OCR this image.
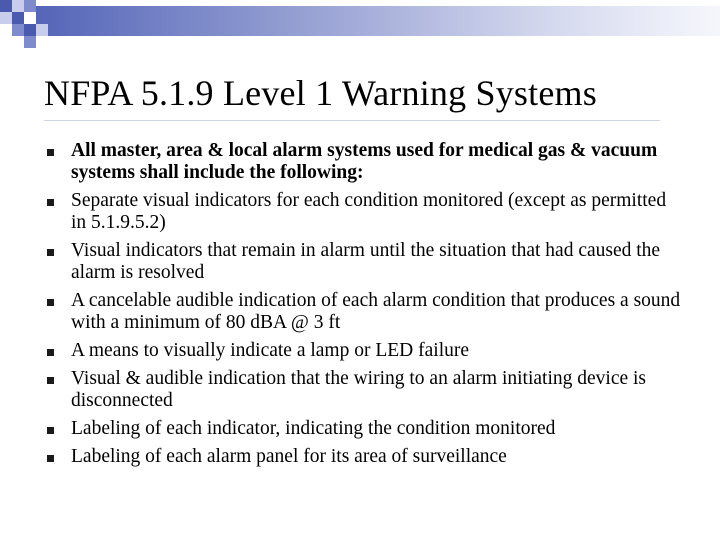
NFPA 5.1.9 Level 1 Warning Systems
All master, area & local alarm systems used for medical gas & vacuum systems shall include the following:
Separate visual indicators for each condition monitored (except as permitted in 5.1.9.5.2)
Visual indicators that remain in alarm until the situation that had caused the alarm is resolved
A cancelable audible indication of each alarm condition that produces a sound with a minimum of 80 dBA @ 3 ft
A means to visually indicate a lamp or LED failure
Visual & audible indication that the wiring to an alarm initiating device is disconnected
Labeling of each indicator, indicating the condition monitored
Labeling of each alarm panel for its area of surveillance
